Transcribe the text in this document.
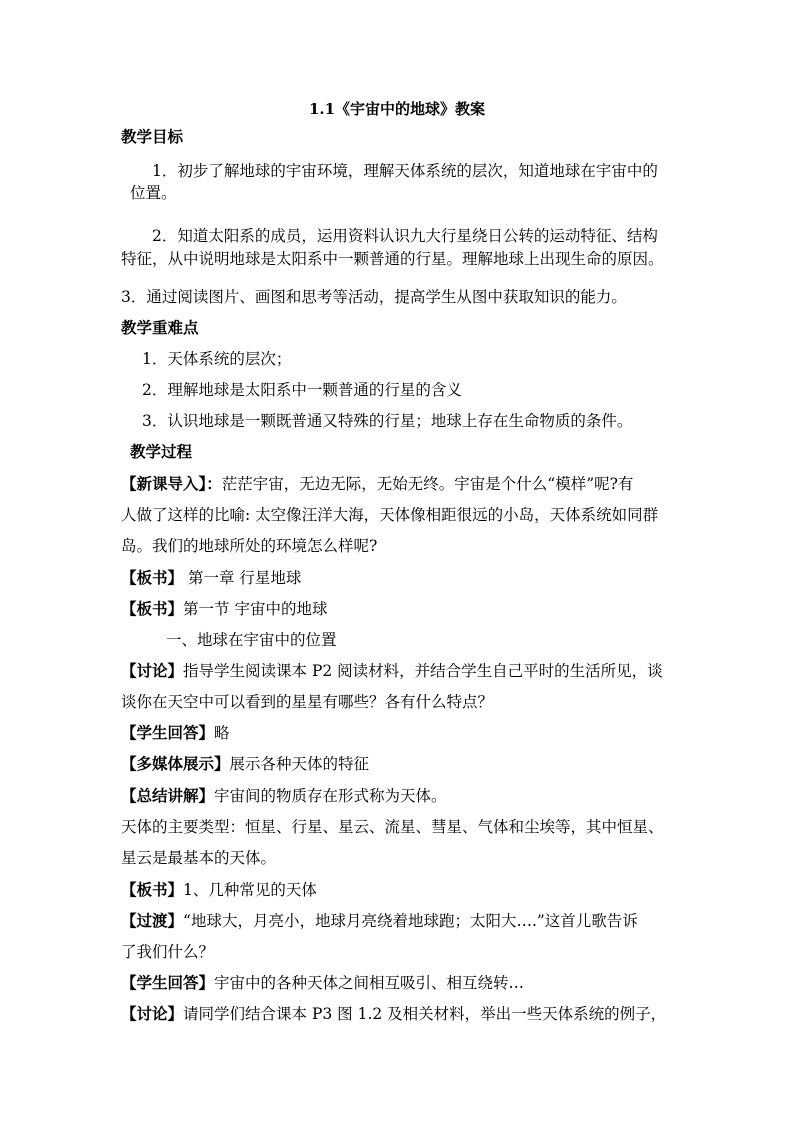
1.1《宇宙中的地球》教案
教学目标
1．初步了解地球的宇宙环境，理解天体系统的层次，知道地球在宇宙中的
位置。
2．知道太阳系的成员，运用资料认识九大行星绕日公转的运动特征、结构
特征，从中说明地球是太阳系中一颗普通的行星。理解地球上出现生命的原因。
3．通过阅读图片、画图和思考等活动，提高学生从图中获取知识的能力。
教学重难点
1．天体系统的层次；
2．理解地球是太阳系中一颗普通的行星的含义
3．认识地球是一颗既普通又特殊的行星；地球上存在生命物质的条件。
教学过程
【新课导入】：茫茫宇宙，无边无际，无始无终。宇宙是个什么“模样”呢?有
人做了这样的比喻: 太空像汪洋大海，天体像相距很远的小岛，天体系统如同群
岛。我们的地球所处的环境怎么样呢?
【板书】 第一章 行星地球
【板书】第一节 宇宙中的地球
一、地球在宇宙中的位置
【讨论】指导学生阅读课本 P2 阅读材料，并结合学生自己平时的生活所见，谈
谈你在天空中可以看到的星星有哪些？各有什么特点？
【学生回答】略
【多媒体展示】展示各种天体的特征
【总结讲解】宇宙间的物质存在形式称为天体。
天体的主要类型：恒星、行星、星云、流星、彗星、气体和尘埃等，其中恒星、
星云是最基本的天体。
【板书】1、几种常见的天体
【过渡】“地球大，月亮小，地球月亮绕着地球跑；太阳大….”这首儿歌告诉
了我们什么？
【学生回答】宇宙中的各种天体之间相互吸引、相互绕转…
【讨论】请同学们结合课本 P3 图 1.2 及相关材料，举出一些天体系统的例子，
